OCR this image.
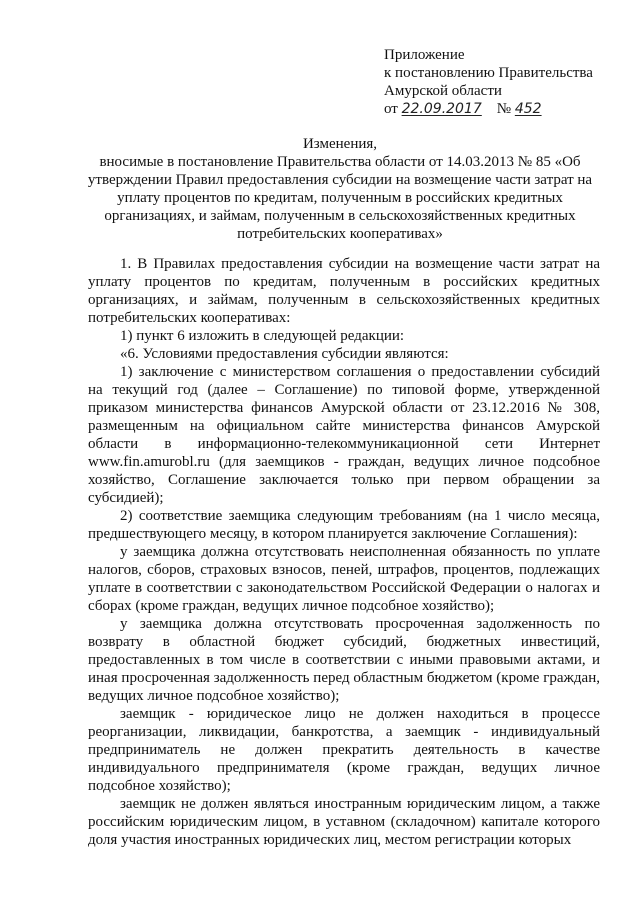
Приложение
к постановлению Правительства
Амурской области
от 22.09.2017 № 452
Изменения,
вносимые в постановление Правительства области от 14.03.2013 № 85 «Об утверждении Правил предоставления субсидии на возмещение части затрат на уплату процентов по кредитам, полученным в российских кредитных организациях, и займам, полученным в сельскохозяйственных кредитных потребительских кооперативах»

1. В Правилах предоставления субсидии на возмещение части затрат на уплату процентов по кредитам, полученным в российских кредитных организациях, и займам, полученным в сельскохозяйственных кредитных потребительских кооперативах:

1) пункт 6 изложить в следующей редакции:

«6. Условиями предоставления субсидии являются:

1) заключение с министерством соглашения о предоставлении субсидий на текущий год (далее – Соглашение) по типовой форме, утвержденной приказом министерства финансов Амурской области от 23.12.2016 № 308, размещенным на официальном сайте министерства финансов Амурской области в информационно-телекоммуникационной сети Интернет www.fin.amurobl.ru (для заемщиков - граждан, ведущих личное подсобное хозяйство, Соглашение заключается только при первом обращении за субсидией);

2) соответствие заемщика следующим требованиям (на 1 число месяца, предшествующего месяцу, в котором планируется заключение Соглашения):

у заемщика должна отсутствовать неисполненная обязанность по уплате налогов, сборов, страховых взносов, пеней, штрафов, процентов, подлежащих уплате в соответствии с законодательством Российской Федерации о налогах и сборах (кроме граждан, ведущих личное подсобное хозяйство);

у заемщика должна отсутствовать просроченная задолженность по возврату в областной бюджет субсидий, бюджетных инвестиций, предоставленных в том числе в соответствии с иными правовыми актами, и иная просроченная задолженность перед областным бюджетом (кроме граждан, ведущих личное подсобное хозяйство);

заемщик - юридическое лицо не должен находиться в процессе реорганизации, ликвидации, банкротства, а заемщик - индивидуальный предприниматель не должен прекратить деятельность в качестве индивидуального предпринимателя (кроме граждан, ведущих личное подсобное хозяйство);

заемщик не должен являться иностранным юридическим лицом, а также российским юридическим лицом, в уставном (складочном) капитале которого доля участия иностранных юридических лиц, местом регистрации которых
